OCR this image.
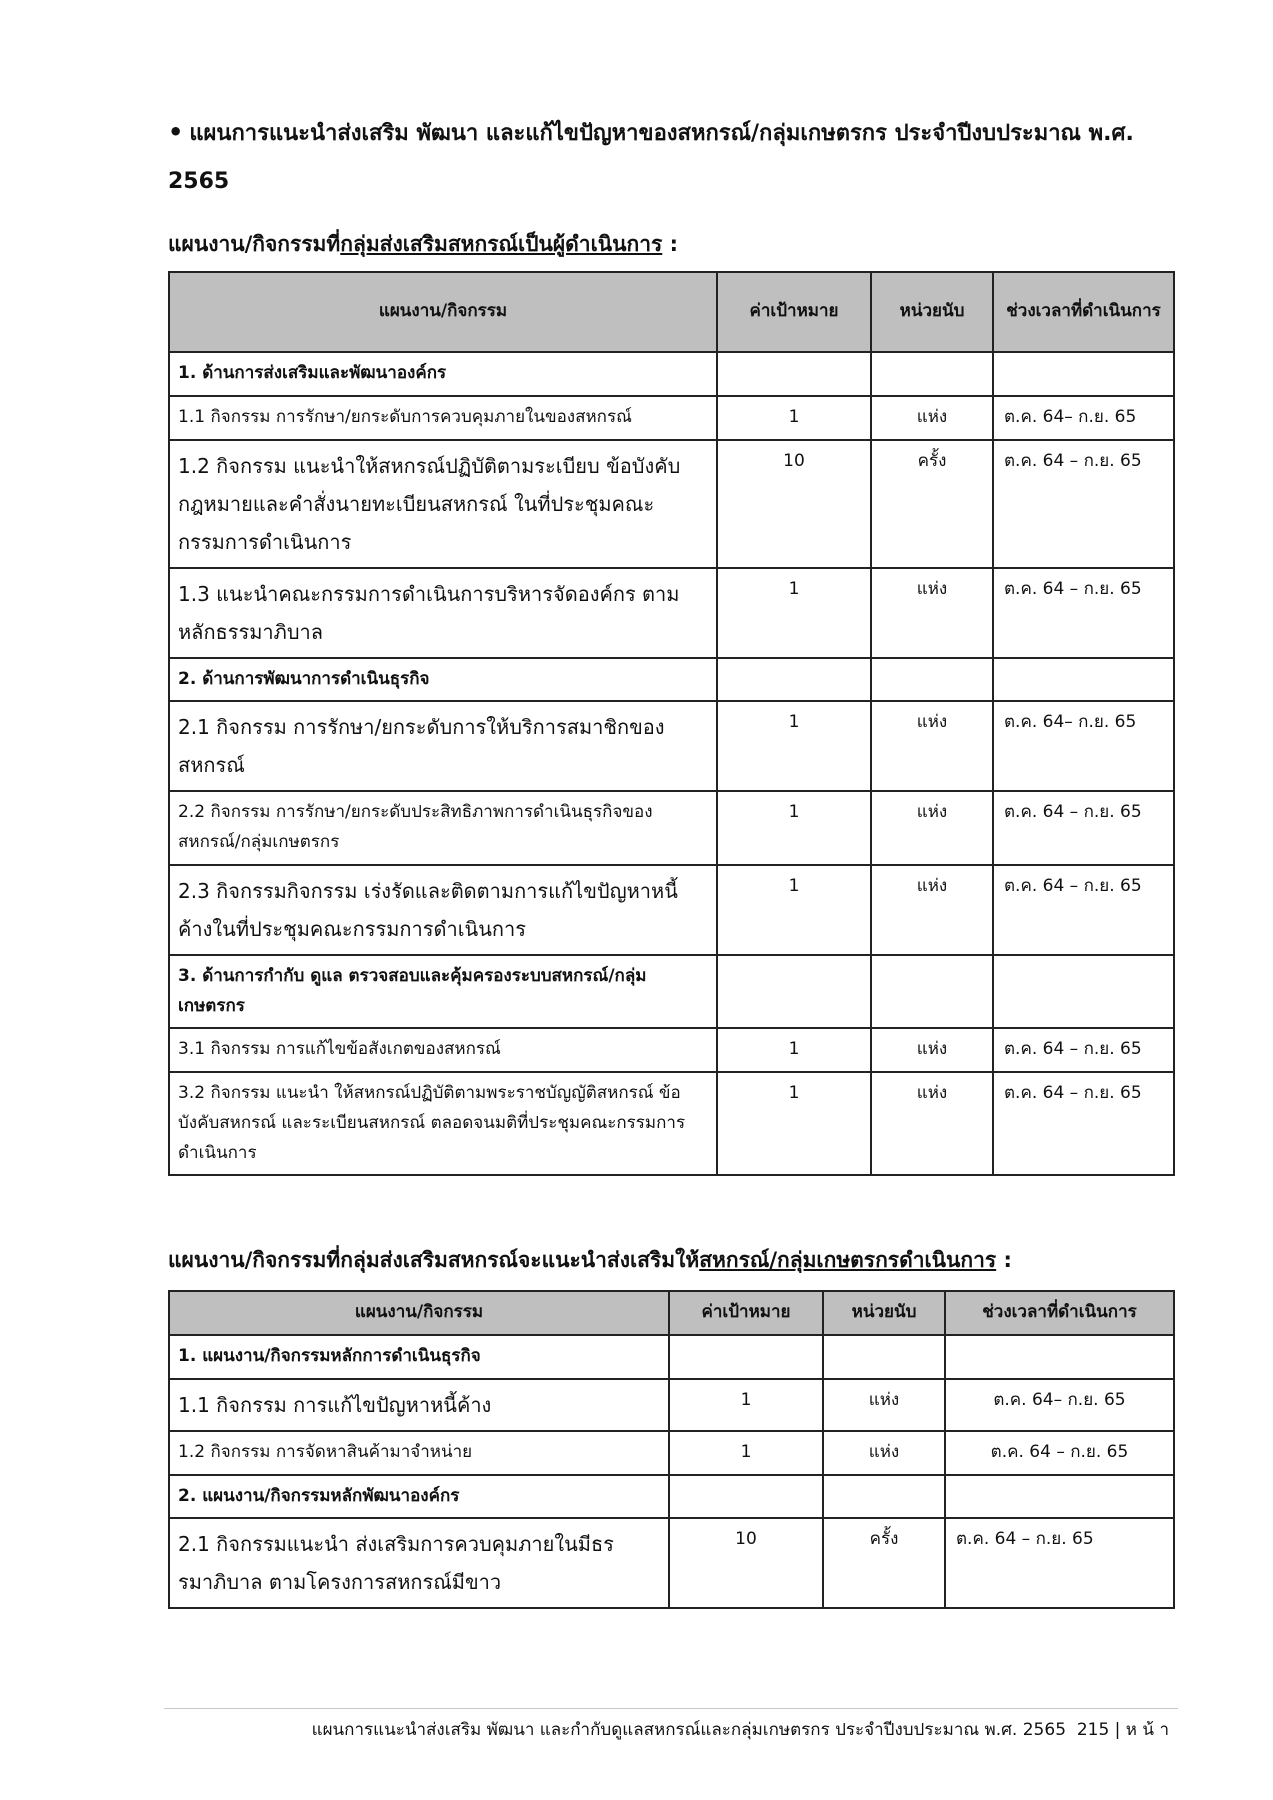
• แผนการแนะนำส่งเสริม พัฒนา และแก้ไขปัญหาของสหกรณ์/กลุ่มเกษตรกร ประจำปีงบประมาณ พ.ศ. 2565
แผนงาน/กิจกรรมที่กลุ่มส่งเสริมสหกรณ์เป็นผู้ดำเนินการ :
แผนงาน/กิจกรรม	ค่าเป้าหมาย	หน่วยนับ	ช่วงเวลาที่ดำเนินการ
1. ด้านการส่งเสริมและพัฒนาองค์กร			
1.1 กิจกรรม การรักษา/ยกระดับการควบคุมภายในของสหกรณ์	1	แห่ง	ต.ค. 64– ก.ย. 65
1.2 กิจกรรม แนะนำให้สหกรณ์ปฏิบัติตามระเบียบ ข้อบังคับ กฎหมายและคำสั่งนายทะเบียนสหกรณ์ ในที่ประชุมคณะกรรมการดำเนินการ	10	ครั้ง	ต.ค. 64 – ก.ย. 65
1.3 แนะนำคณะกรรมการดำเนินการบริหารจัดองค์กร ตามหลักธรรมาภิบาล	1	แห่ง	ต.ค. 64 – ก.ย. 65
2. ด้านการพัฒนาการดำเนินธุรกิจ			
2.1 กิจกรรม การรักษา/ยกระดับการให้บริการสมาชิกของสหกรณ์	1	แห่ง	ต.ค. 64– ก.ย. 65
2.2 กิจกรรม การรักษา/ยกระดับประสิทธิภาพการดำเนินธุรกิจของสหกรณ์/กลุ่มเกษตรกร	1	แห่ง	ต.ค. 64 – ก.ย. 65
2.3 กิจกรรมกิจกรรม เร่งรัดและติดตามการแก้ไขปัญหาหนี้ค้างในที่ประชุมคณะกรรมการดำเนินการ	1	แห่ง	ต.ค. 64 – ก.ย. 65
3. ด้านการกำกับ ดูแล ตรวจสอบและคุ้มครองระบบสหกรณ์/กลุ่มเกษตรกร			
3.1 กิจกรรม การแก้ไขข้อสังเกตของสหกรณ์	1	แห่ง	ต.ค. 64 – ก.ย. 65
3.2 กิจกรรม แนะนำ ให้สหกรณ์ปฏิบัติตามพระราชบัญญัติสหกรณ์ ข้อบังคับสหกรณ์ และระเบียนสหกรณ์ ตลอดจนมติที่ประชุมคณะกรรมการดำเนินการ	1	แห่ง	ต.ค. 64 – ก.ย. 65
แผนงาน/กิจกรรมที่กลุ่มส่งเสริมสหกรณ์จะแนะนำส่งเสริมให้สหกรณ์/กลุ่มเกษตรกรดำเนินการ :
แผนงาน/กิจกรรม	ค่าเป้าหมาย	หน่วยนับ	ช่วงเวลาที่ดำเนินการ
1. แผนงาน/กิจกรรมหลักการดำเนินธุรกิจ			
1.1 กิจกรรม การแก้ไขปัญหาหนี้ค้าง	1	แห่ง	ต.ค. 64– ก.ย. 65
1.2 กิจกรรม การจัดหาสินค้ามาจำหน่าย	1	แห่ง	ต.ค. 64 – ก.ย. 65
2. แผนงาน/กิจกรรมหลักพัฒนาองค์กร			
2.1 กิจกรรมแนะนำ ส่งเสริมการควบคุมภายในมีธรรมาภิบาล ตามโครงการสหกรณ์มีขาว	10	ครั้ง	ต.ค. 64 – ก.ย. 65
แผนการแนะนำส่งเสริม พัฒนา และกำกับดูแลสหกรณ์และกลุ่มเกษตรกร ประจำปีงบประมาณ พ.ศ. 2565 215 | ห น้ า
